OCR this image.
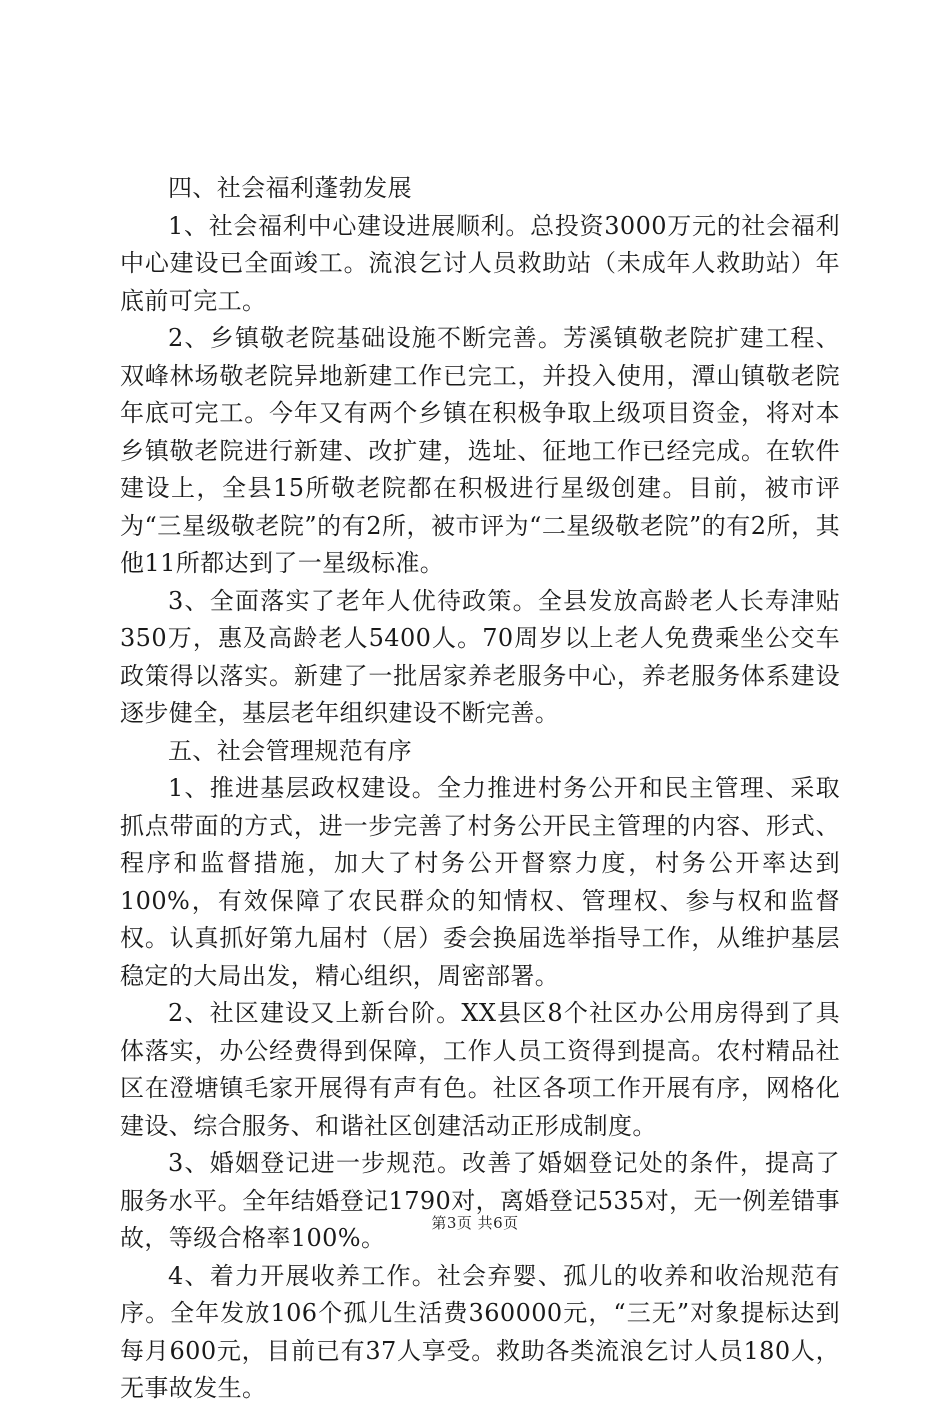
四、社会福利蓬勃发展

1、社会福利中心建设进展顺利。总投资3000万元的社会福利中心建设已全面竣工。流浪乞讨人员救助站（未成年人救助站）年底前可完工。

2、乡镇敬老院基础设施不断完善。芳溪镇敬老院扩建工程、双峰林场敬老院异地新建工作已完工，并投入使用，潭山镇敬老院年底可完工。今年又有两个乡镇在积极争取上级项目资金，将对本乡镇敬老院进行新建、改扩建，选址、征地工作已经完成。在软件建设上，全县15所敬老院都在积极进行星级创建。目前，被市评为“三星级敬老院”的有2所，被市评为“二星级敬老院”的有2所，其他11所都达到了一星级标准。

3、全面落实了老年人优待政策。全县发放高龄老人长寿津贴350万，惠及高龄老人5400人。70周岁以上老人免费乘坐公交车政策得以落实。新建了一批居家养老服务中心，养老服务体系建设逐步健全，基层老年组织建设不断完善。

五、社会管理规范有序

1、推进基层政权建设。全力推进村务公开和民主管理、采取抓点带面的方式，进一步完善了村务公开民主管理的内容、形式、程序和监督措施，加大了村务公开督察力度，村务公开率达到100%，有效保障了农民群众的知情权、管理权、参与权和监督权。认真抓好第九届村（居）委会换届选举指导工作，从维护基层稳定的大局出发，精心组织，周密部署。

2、社区建设又上新台阶。XX县区8个社区办公用房得到了具体落实，办公经费得到保障，工作人员工资得到提高。农村精品社区在澄塘镇毛家开展得有声有色。社区各项工作开展有序，网格化建设、综合服务、和谐社区创建活动正形成制度。

3、婚姻登记进一步规范。改善了婚姻登记处的条件，提高了服务水平。全年结婚登记1790对，离婚登记535对，无一例差错事故，等级合格率100%。

4、着力开展收养工作。社会弃婴、孤儿的收养和收治规范有序。全年发放106个孤儿生活费360000元，“三无”对象提标达到每月600元，目前已有37人享受。救助各类流浪乞讨人员180人，无事故发生。

第3页 共6页
